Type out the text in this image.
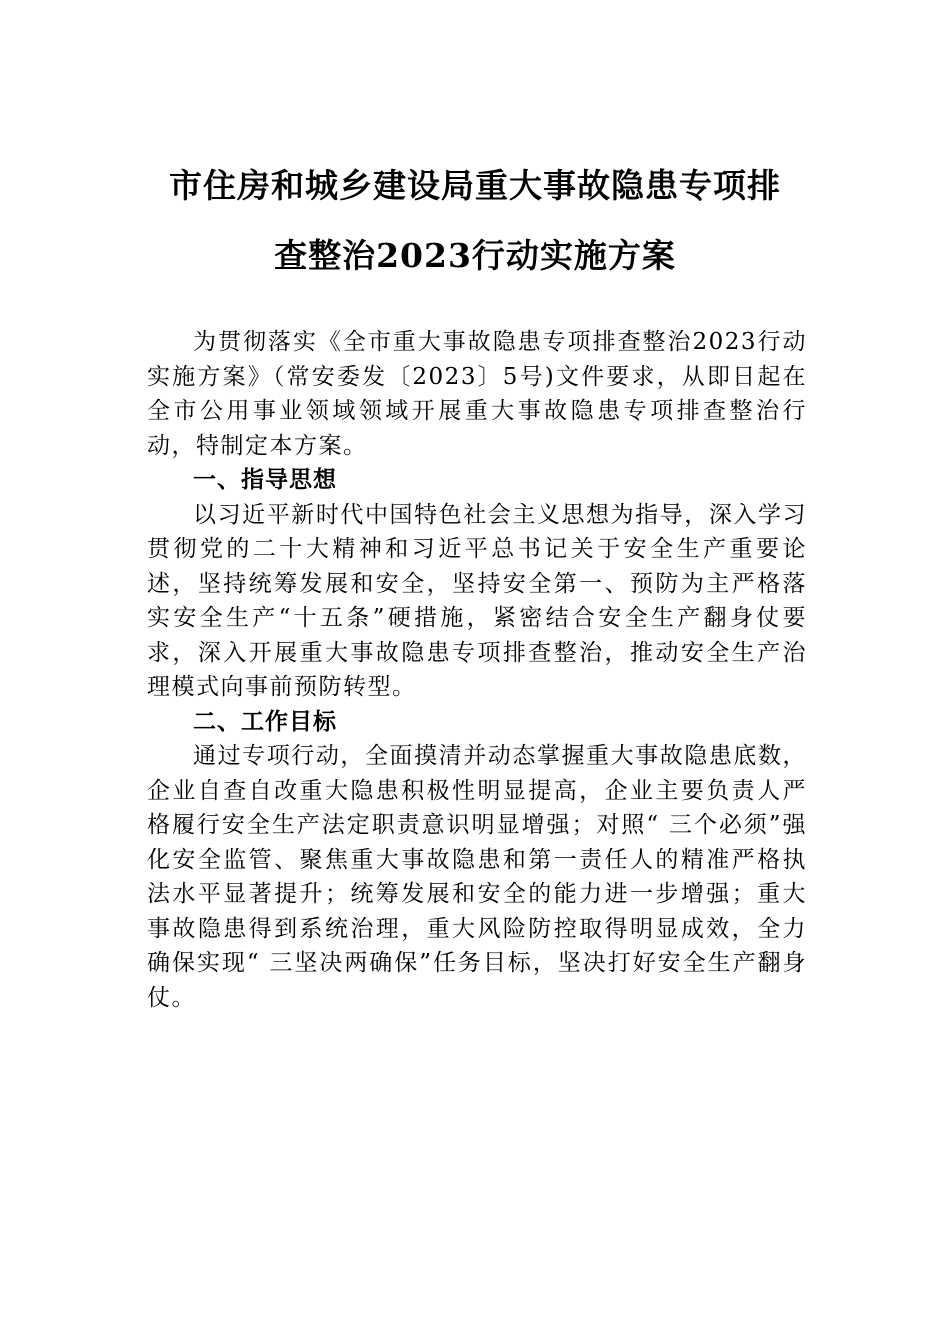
市住房和城乡建设局重大事故隐患专项排
查整治2023行动实施方案

为贯彻落实《全市重大事故隐患专项排查整治2023行动实施方案》（常安委发〔2023〕5号)文件要求，从即日起在全市公用事业领域领域开展重大事故隐患专项排查整治行动，特制定本方案。

一、指导思想

以习近平新时代中国特色社会主义思想为指导，深入学习贯彻党的二十大精神和习近平总书记关于安全生产重要论述，坚持统筹发展和安全，坚持安全第一、预防为主严格落实安全生产“十五条”硬措施，紧密结合安全生产翻身仗要求，深入开展重大事故隐患专项排查整治，推动安全生产治理模式向事前预防转型。

二、工作目标

通过专项行动，全面摸清并动态掌握重大事故隐患底数，企业自查自改重大隐患积极性明显提高，企业主要负责人严格履行安全生产法定职责意识明显增强；对照“ 三个必须”强化安全监管、聚焦重大事故隐患和第一责任人的精准严格执法水平显著提升；统筹发展和安全的能力进一步增强；重大事故隐患得到系统治理，重大风险防控取得明显成效，全力确保实现“ 三坚决两确保”任务目标，坚决打好安全生产翻身仗。
